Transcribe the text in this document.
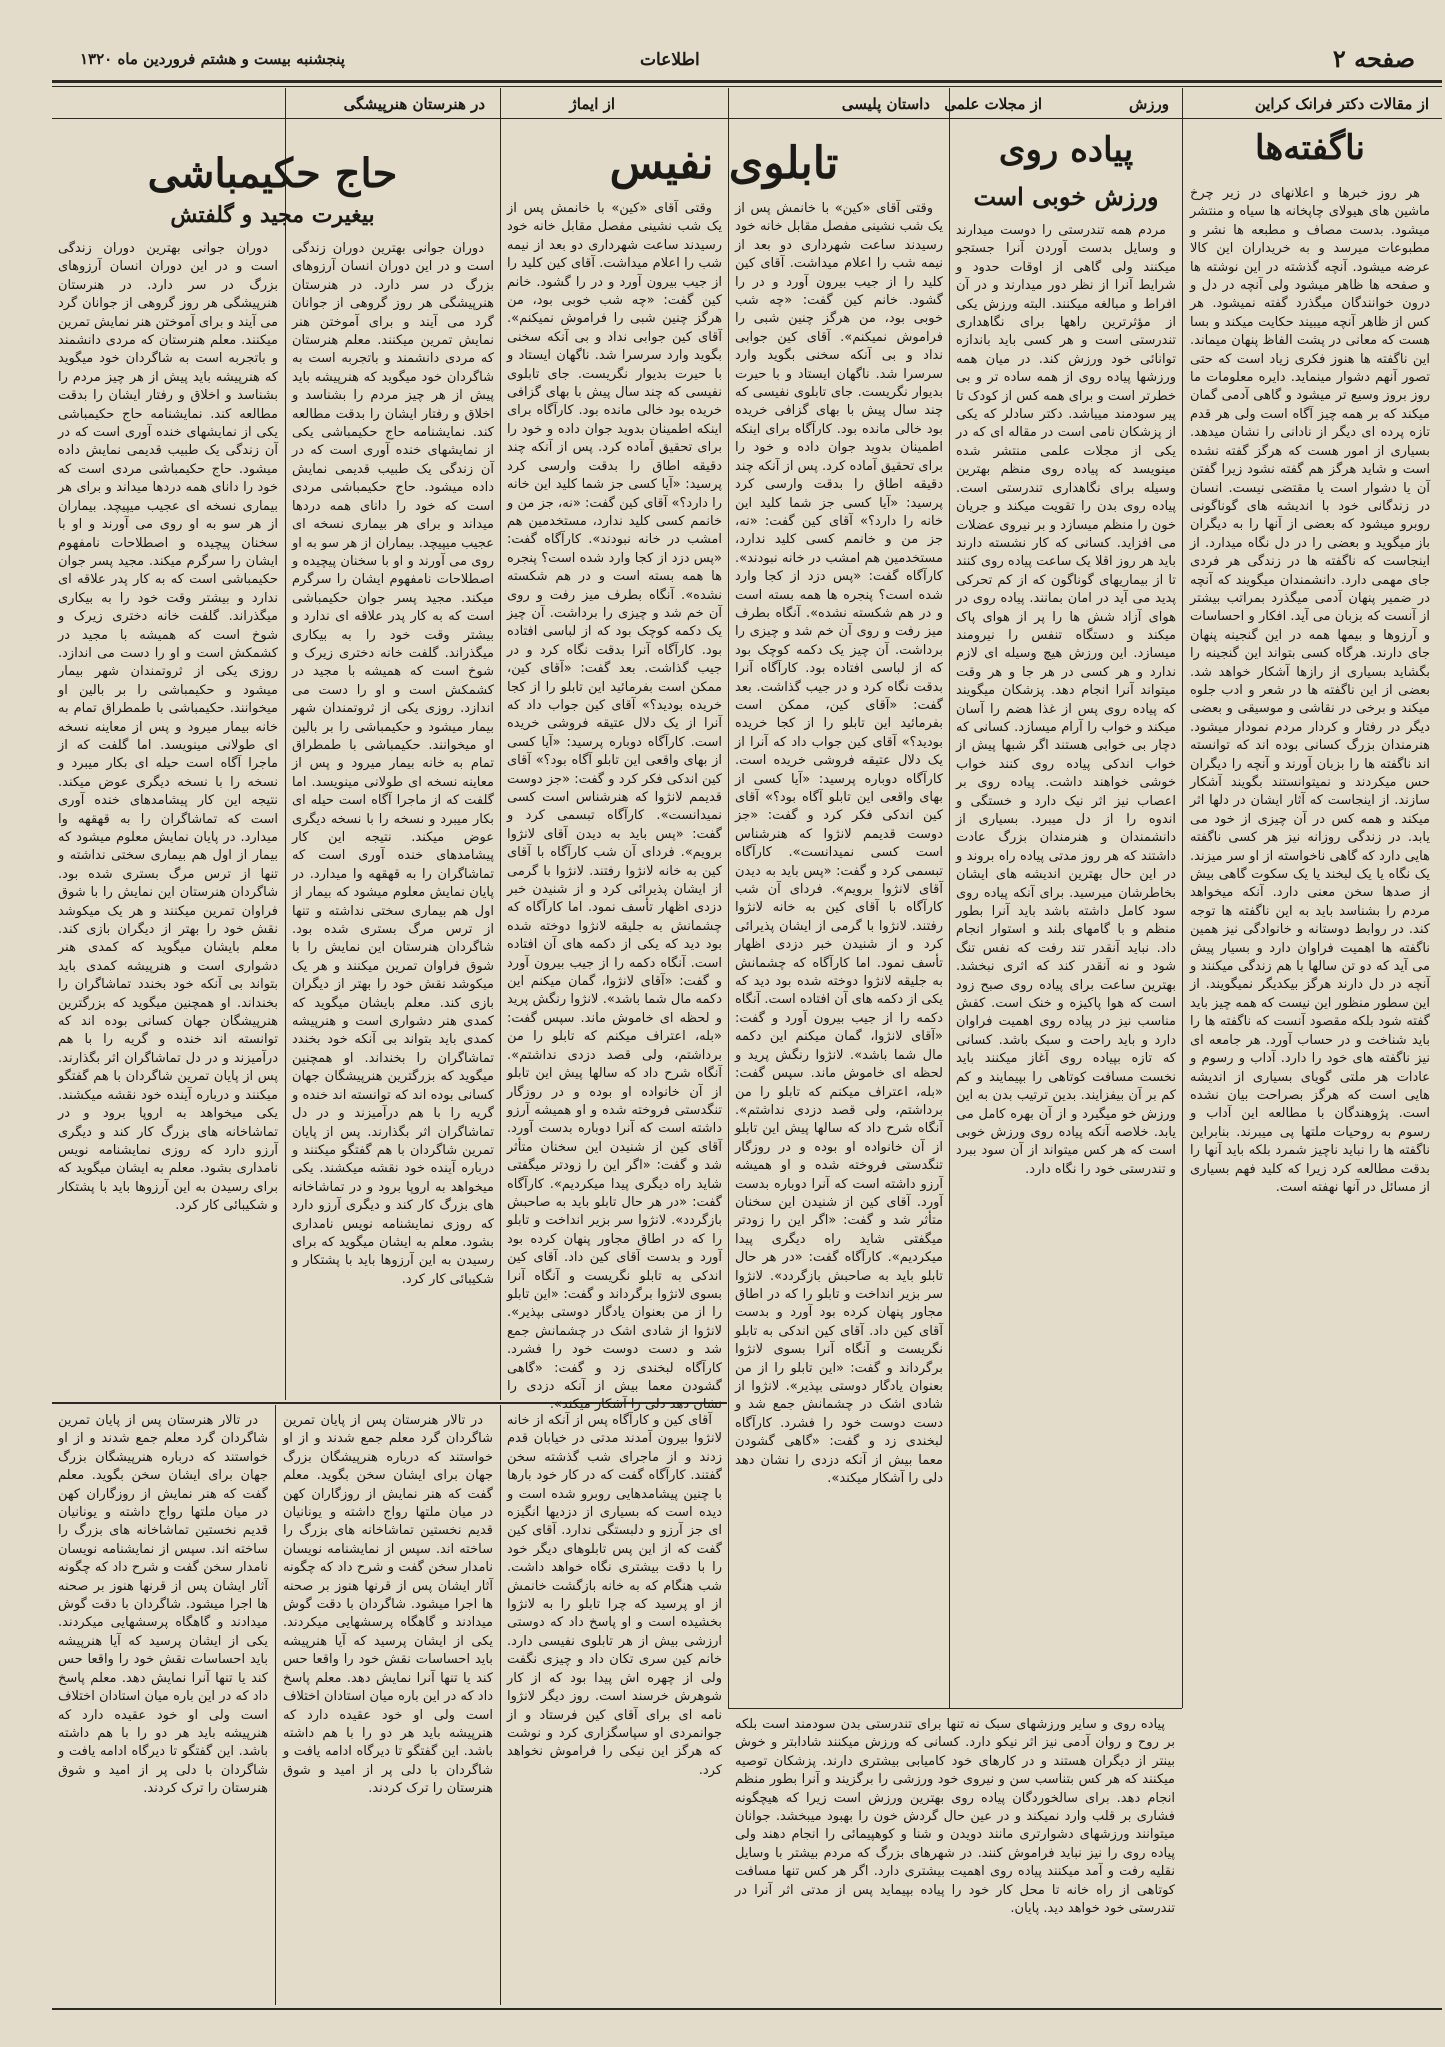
صفحه ۲
اطلاعات
پنجشنبه بیست و هشتم فروردین ماه ۱۳۲۰
از مقالات دکتر فرانک کراین
ورزش
از مجلات علمی
داستان پلیسی
از ایماژ
در هنرستان هنرپیشگی
ناگفته‌ها

هر روز خبرها و اعلانهای در زیر چرخ ماشین های هیولای چاپخانه ها سیاه و منتشر میشود. بدست مصاف و مطبعه ها نشر و مطبوعات میرسد و به خریداران این کالا عرضه میشود. آنچه گذشته در این نوشته ها و صفحه ها ظاهر میشود ولی آنچه در دل و درون خوانندگان میگذرد گفته نمیشود. هر کس از ظاهر آنچه میبیند حکایت میکند و بسا هست که معانی در پشت الفاظ پنهان میماند. این ناگفته ها هنوز فکری زیاد است که حتی تصور آنهم دشوار مینماید. دایره معلومات ما روز بروز وسیع تر میشود و گاهی آدمی گمان میکند که بر همه چیز آگاه است ولی هر قدم تازه پرده ای دیگر از نادانی را نشان میدهد. بسیاری از امور هست که هرگز گفته نشده است و شاید هرگز هم گفته نشود زیرا گفتن آن یا دشوار است یا مقتضی نیست. انسان در زندگانی خود با اندیشه های گوناگونی روبرو میشود که بعضی از آنها را به دیگران باز میگوید و بعضی را در دل نگاه میدارد. از اینجاست که ناگفته ها در زندگی هر فردی جای مهمی دارد. دانشمندان میگویند که آنچه در ضمیر پنهان آدمی میگذرد بمراتب بیشتر از آنست که بزبان می آید. افکار و احساسات و آرزوها و بیمها همه در این گنجینه پنهان جای دارند. هرگاه کسی بتواند این گنجینه را بگشاید بسیاری از رازها آشکار خواهد شد. بعضی از این ناگفته ها در شعر و ادب جلوه میکند و برخی در نقاشی و موسیقی و بعضی دیگر در رفتار و کردار مردم نمودار میشود. هنرمندان بزرگ کسانی بوده اند که توانسته اند ناگفته ها را بزبان آورند و آنچه را دیگران حس میکردند و نمیتوانستند بگویند آشکار سازند. از اینجاست که آثار ایشان در دلها اثر میکند و همه کس در آن چیزی از خود می یابد. در زندگی روزانه نیز هر کسی ناگفته هایی دارد که گاهی ناخواسته از او سر میزند. یک نگاه یا یک لبخند یا یک سکوت گاهی بیش از صدها سخن معنی دارد. آنکه میخواهد مردم را بشناسد باید به این ناگفته ها توجه کند. در روابط دوستانه و خانوادگی نیز همین ناگفته ها اهمیت فراوان دارد و بسیار پیش می آید که دو تن سالها با هم زندگی میکنند و آنچه در دل دارند هرگز بیکدیگر نمیگویند. از این سطور منظور این نیست که همه چیز باید گفته شود بلکه مقصود آنست که ناگفته ها را باید شناخت و در حساب آورد. هر جامعه ای نیز ناگفته های خود را دارد. آداب و رسوم و عادات هر ملتی گویای بسیاری از اندیشه هایی است که هرگز بصراحت بیان نشده است. پژوهندگان با مطالعه این آداب و رسوم به روحیات ملتها پی میبرند. بنابراین ناگفته ها را نباید ناچیز شمرد بلکه باید آنها را بدقت مطالعه کرد زیرا که کلید فهم بسیاری از مسائل در آنها نهفته است.

پیاده روی
ورزش خوبی است

مردم همه تندرستی را دوست میدارند و وسایل بدست آوردن آنرا جستجو میکنند ولی گاهی از اوقات حدود و شرایط آنرا از نظر دور میدارند و در آن افراط و مبالغه میکنند. البته ورزش یکی از مؤثرترین راهها برای نگاهداری تندرستی است و هر کسی باید باندازه توانائی خود ورزش کند. در میان همه ورزشها پیاده روی از همه ساده تر و بی خطرتر است و برای همه کس از کودک تا پیر سودمند میباشد. دکتر سادلر که یکی از پزشکان نامی است در مقاله ای که در یکی از مجلات علمی منتشر شده مینویسد که پیاده روی منظم بهترین وسیله برای نگاهداری تندرستی است. پیاده روی بدن را تقویت میکند و جریان خون را منظم میسازد و بر نیروی عضلات می افزاید. کسانی که کار نشسته دارند باید هر روز اقلا یک ساعت پیاده روی کنند تا از بیماریهای گوناگون که از کم تحرکی پدید می آید در امان بمانند. پیاده روی در هوای آزاد شش ها را پر از هوای پاک میکند و دستگاه تنفس را نیرومند میسازد. این ورزش هیچ وسیله ای لازم ندارد و هر کسی در هر جا و هر وقت میتواند آنرا انجام دهد. پزشکان میگویند که پیاده روی پس از غذا هضم را آسان میکند و خواب را آرام میسازد. کسانی که دچار بی خوابی هستند اگر شبها پیش از خواب اندکی پیاده روی کنند خواب خوشی خواهند داشت. پیاده روی بر اعصاب نیز اثر نیک دارد و خستگی و اندوه را از دل میبرد. بسیاری از دانشمندان و هنرمندان بزرگ عادت داشتند که هر روز مدتی پیاده راه بروند و در این حال بهترین اندیشه های ایشان بخاطرشان میرسید. برای آنکه پیاده روی سود کامل داشته باشد باید آنرا بطور منظم و با گامهای بلند و استوار انجام داد. نباید آنقدر تند رفت که نفس تنگ شود و نه آنقدر کند که اثری نبخشد. بهترین ساعت برای پیاده روی صبح زود است که هوا پاکیزه و خنک است. کفش مناسب نیز در پیاده روی اهمیت فراوان دارد و باید راحت و سبک باشد. کسانی که تازه بپیاده روی آغاز میکنند باید نخست مسافت کوتاهی را بپیمایند و کم کم بر آن بیفزایند. بدین ترتیب بدن به این ورزش خو میگیرد و از آن بهره کامل می یابد. خلاصه آنکه پیاده روی ورزش خوبی است که هر کس میتواند از آن سود ببرد و تندرستی خود را نگاه دارد.

تابلوی نفیس

وقتی آقای «کین» با خانمش پس از یک شب نشینی مفصل مقابل خانه خود رسیدند ساعت شهرداری دو بعد از نیمه شب را اعلام میداشت. آقای کین کلید را از جیب بیرون آورد و در را گشود. خانم کین گفت: «چه شب خوبی بود، من هرگز چنین شبی را فراموش نمیکنم». آقای کین جوابی نداد و بی آنکه سخنی بگوید وارد سرسرا شد. ناگهان ایستاد و با حیرت بدیوار نگریست. جای تابلوی نفیسی که چند سال پیش با بهای گزافی خریده بود خالی مانده بود. کارآگاه برای اینکه اطمینان بدوید جوان داده و خود را برای تحقیق آماده کرد. پس از آنکه چند دقیقه اطاق را بدقت وارسی کرد پرسید: «آیا کسی جز شما کلید این خانه را دارد؟» آقای کین گفت: «نه، جز من و خانمم کسی کلید ندارد، مستخدمین هم امشب در خانه نبودند». کارآگاه گفت: «پس دزد از کجا وارد شده است؟ پنجره ها همه بسته است و در هم شکسته نشده». آنگاه بطرف میز رفت و روی آن خم شد و چیزی را برداشت. آن چیز یک دکمه کوچک بود که از لباسی افتاده بود. کارآگاه آنرا بدقت نگاه کرد و در جیب گذاشت. بعد گفت: «آقای کین، ممکن است بفرمائید این تابلو را از کجا خریده بودید؟» آقای کین جواب داد که آنرا از یک دلال عتیقه فروشی خریده است. کارآگاه دوباره پرسید: «آیا کسی از بهای واقعی این تابلو آگاه بود؟» آقای کین اندکی فکر کرد و گفت: «جز دوست قدیمم لانژوا که هنرشناس است کسی نمیدانست». کارآگاه تبسمی کرد و گفت: «پس باید به دیدن آقای لانژوا برویم». فردای آن شب کارآگاه با آقای کین به خانه لانژوا رفتند. لانژوا با گرمی از ایشان پذیرائی کرد و از شنیدن خبر دزدی اظهار تأسف نمود. اما کارآگاه که چشمانش به جلیقه لانژوا دوخته شده بود دید که یکی از دکمه های آن افتاده است. آنگاه دکمه را از جیب بیرون آورد و گفت: «آقای لانژوا، گمان میکنم این دکمه مال شما باشد». لانژوا رنگش پرید و لحظه ای خاموش ماند. سپس گفت: «بله، اعتراف میکنم که تابلو را من برداشتم، ولی قصد دزدی نداشتم». آنگاه شرح داد که سالها پیش این تابلو از آن خانواده او بوده و در روزگار تنگدستی فروخته شده و او همیشه آرزو داشته است که آنرا دوباره بدست آورد. آقای کین از شنیدن این سخنان متأثر شد و گفت: «اگر این را زودتر میگفتی شاید راه دیگری پیدا میکردیم». کارآگاه گفت: «در هر حال تابلو باید به صاحبش بازگردد». لانژوا سر بزیر انداخت و تابلو را که در اطاق مجاور پنهان کرده بود آورد و بدست آقای کین داد. آقای کین اندکی به تابلو نگریست و آنگاه آنرا بسوی لانژوا برگرداند و گفت: «این تابلو را از من بعنوان یادگار دوستی بپذیر». لانژوا از شادی اشک در چشمانش جمع شد و دست دوست خود را فشرد. کارآگاه لبخندی زد و گفت: «گاهی گشودن معما بیش از آنکه دزدی را نشان دهد دلی را آشکار میکند».

وقتی آقای «کین» با خانمش پس از یک شب نشینی مفصل مقابل خانه خود رسیدند ساعت شهرداری دو بعد از نیمه شب را اعلام میداشت. آقای کین کلید را از جیب بیرون آورد و در را گشود. خانم کین گفت: «چه شب خوبی بود، من هرگز چنین شبی را فراموش نمیکنم». آقای کین جوابی نداد و بی آنکه سخنی بگوید وارد سرسرا شد. ناگهان ایستاد و با حیرت بدیوار نگریست. جای تابلوی نفیسی که چند سال پیش با بهای گزافی خریده بود خالی مانده بود. کارآگاه برای اینکه اطمینان بدوید جوان داده و خود را برای تحقیق آماده کرد. پس از آنکه چند دقیقه اطاق را بدقت وارسی کرد پرسید: «آیا کسی جز شما کلید این خانه را دارد؟» آقای کین گفت: «نه، جز من و خانمم کسی کلید ندارد، مستخدمین هم امشب در خانه نبودند». کارآگاه گفت: «پس دزد از کجا وارد شده است؟ پنجره ها همه بسته است و در هم شکسته نشده». آنگاه بطرف میز رفت و روی آن خم شد و چیزی را برداشت. آن چیز یک دکمه کوچک بود که از لباسی افتاده بود. کارآگاه آنرا بدقت نگاه کرد و در جیب گذاشت. بعد گفت: «آقای کین، ممکن است بفرمائید این تابلو را از کجا خریده بودید؟» آقای کین جواب داد که آنرا از یک دلال عتیقه فروشی خریده است. کارآگاه دوباره پرسید: «آیا کسی از بهای واقعی این تابلو آگاه بود؟» آقای کین اندکی فکر کرد و گفت: «جز دوست قدیمم لانژوا که هنرشناس است کسی نمیدانست». کارآگاه تبسمی کرد و گفت: «پس باید به دیدن آقای لانژوا برویم». فردای آن شب کارآگاه با آقای کین به خانه لانژوا رفتند. لانژوا با گرمی از ایشان پذیرائی کرد و از شنیدن خبر دزدی اظهار تأسف نمود. اما کارآگاه که چشمانش به جلیقه لانژوا دوخته شده بود دید که یکی از دکمه های آن افتاده است. آنگاه دکمه را از جیب بیرون آورد و گفت: «آقای لانژوا، گمان میکنم این دکمه مال شما باشد». لانژوا رنگش پرید و لحظه ای خاموش ماند. سپس گفت: «بله، اعتراف میکنم که تابلو را من برداشتم، ولی قصد دزدی نداشتم». آنگاه شرح داد که سالها پیش این تابلو از آن خانواده او بوده و در روزگار تنگدستی فروخته شده و او همیشه آرزو داشته است که آنرا دوباره بدست آورد. آقای کین از شنیدن این سخنان متأثر شد و گفت: «اگر این را زودتر میگفتی شاید راه دیگری پیدا میکردیم». کارآگاه گفت: «در هر حال تابلو باید به صاحبش بازگردد». لانژوا سر بزیر انداخت و تابلو را که در اطاق مجاور پنهان کرده بود آورد و بدست آقای کین داد. آقای کین اندکی به تابلو نگریست و آنگاه آنرا بسوی لانژوا برگرداند و گفت: «این تابلو را از من بعنوان یادگار دوستی بپذیر». لانژوا از شادی اشک در چشمانش جمع شد و دست دوست خود را فشرد. کارآگاه لبخندی زد و گفت: «گاهی گشودن معما بیش از آنکه دزدی را نشان دهد دلی را آشکار میکند».

حاج حکیمباشی
بیغیرت مجید و گلفتش

دوران جوانی بهترین دوران زندگی است و در این دوران انسان آرزوهای بزرگ در سر دارد. در هنرستان هنرپیشگی هر روز گروهی از جوانان گرد می آیند و برای آموختن هنر نمایش تمرین میکنند. معلم هنرستان که مردی دانشمند و باتجربه است به شاگردان خود میگوید که هنرپیشه باید پیش از هر چیز مردم را بشناسد و اخلاق و رفتار ایشان را بدقت مطالعه کند. نمایشنامه حاج حکیمباشی یکی از نمایشهای خنده آوری است که در آن زندگی یک طبیب قدیمی نمایش داده میشود. حاج حکیمباشی مردی است که خود را دانای همه دردها میداند و برای هر بیماری نسخه ای عجیب میپیچد. بیماران از هر سو به او روی می آورند و او با سخنان پیچیده و اصطلاحات نامفهوم ایشان را سرگرم میکند. مجید پسر جوان حکیمباشی است که به کار پدر علاقه ای ندارد و بیشتر وقت خود را به بیکاری میگذراند. گلفت خانه دختری زیرک و شوخ است که همیشه با مجید در کشمکش است و او را دست می اندازد. روزی یکی از ثروتمندان شهر بیمار میشود و حکیمباشی را بر بالین او میخوانند. حکیمباشی با طمطراق تمام به خانه بیمار میرود و پس از معاینه نسخه ای طولانی مینویسد. اما گلفت که از ماجرا آگاه است حیله ای بکار میبرد و نسخه را با نسخه دیگری عوض میکند. نتیجه این کار پیشامدهای خنده آوری است که تماشاگران را به قهقهه وا میدارد. در پایان نمایش معلوم میشود که بیمار از اول هم بیماری سختی نداشته و تنها از ترس مرگ بستری شده بود. شاگردان هنرستان این نمایش را با شوق فراوان تمرین میکنند و هر یک میکوشد نقش خود را بهتر از دیگران بازی کند. معلم بایشان میگوید که کمدی هنر دشواری است و هنرپیشه کمدی باید بتواند بی آنکه خود بخندد تماشاگران را بخنداند. او همچنین میگوید که بزرگترین هنرپیشگان جهان کسانی بوده اند که توانسته اند خنده و گریه را با هم درآمیزند و در دل تماشاگران اثر بگذارند. پس از پایان تمرین شاگردان با هم گفتگو میکنند و درباره آینده خود نقشه میکشند. یکی میخواهد به اروپا برود و در تماشاخانه های بزرگ کار کند و دیگری آرزو دارد که روزی نمایشنامه نویس نامداری بشود. معلم به ایشان میگوید که برای رسیدن به این آرزوها باید با پشتکار و شکیبائی کار کرد.

دوران جوانی بهترین دوران زندگی است و در این دوران انسان آرزوهای بزرگ در سر دارد. در هنرستان هنرپیشگی هر روز گروهی از جوانان گرد می آیند و برای آموختن هنر نمایش تمرین میکنند. معلم هنرستان که مردی دانشمند و باتجربه است به شاگردان خود میگوید که هنرپیشه باید پیش از هر چیز مردم را بشناسد و اخلاق و رفتار ایشان را بدقت مطالعه کند. نمایشنامه حاج حکیمباشی یکی از نمایشهای خنده آوری است که در آن زندگی یک طبیب قدیمی نمایش داده میشود. حاج حکیمباشی مردی است که خود را دانای همه دردها میداند و برای هر بیماری نسخه ای عجیب میپیچد. بیماران از هر سو به او روی می آورند و او با سخنان پیچیده و اصطلاحات نامفهوم ایشان را سرگرم میکند. مجید پسر جوان حکیمباشی است که به کار پدر علاقه ای ندارد و بیشتر وقت خود را به بیکاری میگذراند. گلفت خانه دختری زیرک و شوخ است که همیشه با مجید در کشمکش است و او را دست می اندازد. روزی یکی از ثروتمندان شهر بیمار میشود و حکیمباشی را بر بالین او میخوانند. حکیمباشی با طمطراق تمام به خانه بیمار میرود و پس از معاینه نسخه ای طولانی مینویسد. اما گلفت که از ماجرا آگاه است حیله ای بکار میبرد و نسخه را با نسخه دیگری عوض میکند. نتیجه این کار پیشامدهای خنده آوری است که تماشاگران را به قهقهه وا میدارد. در پایان نمایش معلوم میشود که بیمار از اول هم بیماری سختی نداشته و تنها از ترس مرگ بستری شده بود. شاگردان هنرستان این نمایش را با شوق فراوان تمرین میکنند و هر یک میکوشد نقش خود را بهتر از دیگران بازی کند. معلم بایشان میگوید که کمدی هنر دشواری است و هنرپیشه کمدی باید بتواند بی آنکه خود بخندد تماشاگران را بخنداند. او همچنین میگوید که بزرگترین هنرپیشگان جهان کسانی بوده اند که توانسته اند خنده و گریه را با هم درآمیزند و در دل تماشاگران اثر بگذارند. پس از پایان تمرین شاگردان با هم گفتگو میکنند و درباره آینده خود نقشه میکشند. یکی میخواهد به اروپا برود و در تماشاخانه های بزرگ کار کند و دیگری آرزو دارد که روزی نمایشنامه نویس نامداری بشود. معلم به ایشان میگوید که برای رسیدن به این آرزوها باید با پشتکار و شکیبائی کار کرد.

آقای کین و کارآگاه پس از آنکه از خانه لانژوا بیرون آمدند مدتی در خیابان قدم زدند و از ماجرای شب گذشته سخن گفتند. کارآگاه گفت که در کار خود بارها با چنین پیشامدهایی روبرو شده است و دیده است که بسیاری از دزدیها انگیزه ای جز آرزو و دلبستگی ندارد. آقای کین گفت که از این پس تابلوهای دیگر خود را با دقت بیشتری نگاه خواهد داشت. شب هنگام که به خانه بازگشت خانمش از او پرسید که چرا تابلو را به لانژوا بخشیده است و او پاسخ داد که دوستی ارزشی بیش از هر تابلوی نفیسی دارد. خانم کین سری تکان داد و چیزی نگفت ولی از چهره اش پیدا بود که از کار شوهرش خرسند است. روز دیگر لانژوا نامه ای برای آقای کین فرستاد و از جوانمردی او سپاسگزاری کرد و نوشت که هرگز این نیکی را فراموش نخواهد کرد.

در تالار هنرستان پس از پایان تمرین شاگردان گرد معلم جمع شدند و از او خواستند که درباره هنرپیشگان بزرگ جهان برای ایشان سخن بگوید. معلم گفت که هنر نمایش از روزگاران کهن در میان ملتها رواج داشته و یونانیان قدیم نخستین تماشاخانه های بزرگ را ساخته اند. سپس از نمایشنامه نویسان نامدار سخن گفت و شرح داد که چگونه آثار ایشان پس از قرنها هنوز بر صحنه ها اجرا میشود. شاگردان با دقت گوش میدادند و گاهگاه پرسشهایی میکردند. یکی از ایشان پرسید که آیا هنرپیشه باید احساسات نقش خود را واقعا حس کند یا تنها آنرا نمایش دهد. معلم پاسخ داد که در این باره میان استادان اختلاف است ولی او خود عقیده دارد که هنرپیشه باید هر دو را با هم داشته باشد. این گفتگو تا دیرگاه ادامه یافت و شاگردان با دلی پر از امید و شوق هنرستان را ترک کردند.

در تالار هنرستان پس از پایان تمرین شاگردان گرد معلم جمع شدند و از او خواستند که درباره هنرپیشگان بزرگ جهان برای ایشان سخن بگوید. معلم گفت که هنر نمایش از روزگاران کهن در میان ملتها رواج داشته و یونانیان قدیم نخستین تماشاخانه های بزرگ را ساخته اند. سپس از نمایشنامه نویسان نامدار سخن گفت و شرح داد که چگونه آثار ایشان پس از قرنها هنوز بر صحنه ها اجرا میشود. شاگردان با دقت گوش میدادند و گاهگاه پرسشهایی میکردند. یکی از ایشان پرسید که آیا هنرپیشه باید احساسات نقش خود را واقعا حس کند یا تنها آنرا نمایش دهد. معلم پاسخ داد که در این باره میان استادان اختلاف است ولی او خود عقیده دارد که هنرپیشه باید هر دو را با هم داشته باشد. این گفتگو تا دیرگاه ادامه یافت و شاگردان با دلی پر از امید و شوق هنرستان را ترک کردند.

پیاده روی و سایر ورزشهای سبک نه تنها برای تندرستی بدن سودمند است بلکه بر روح و روان آدمی نیز اثر نیکو دارد. کسانی که ورزش میکنند شادابتر و خوش بینتر از دیگران هستند و در کارهای خود کامیابی بیشتری دارند. پزشکان توصیه میکنند که هر کس بتناسب سن و نیروی خود ورزشی را برگزیند و آنرا بطور منظم انجام دهد. برای سالخوردگان پیاده روی بهترین ورزش است زیرا که هیچگونه فشاری بر قلب وارد نمیکند و در عین حال گردش خون را بهبود میبخشد. جوانان میتوانند ورزشهای دشوارتری مانند دویدن و شنا و کوهپیمائی را انجام دهند ولی پیاده روی را نیز نباید فراموش کنند. در شهرهای بزرگ که مردم بیشتر با وسایل نقلیه رفت و آمد میکنند پیاده روی اهمیت بیشتری دارد. اگر هر کس تنها مسافت کوتاهی از راه خانه تا محل کار خود را پیاده بپیماید پس از مدتی اثر آنرا در تندرستی خود خواهد دید. پایان.
